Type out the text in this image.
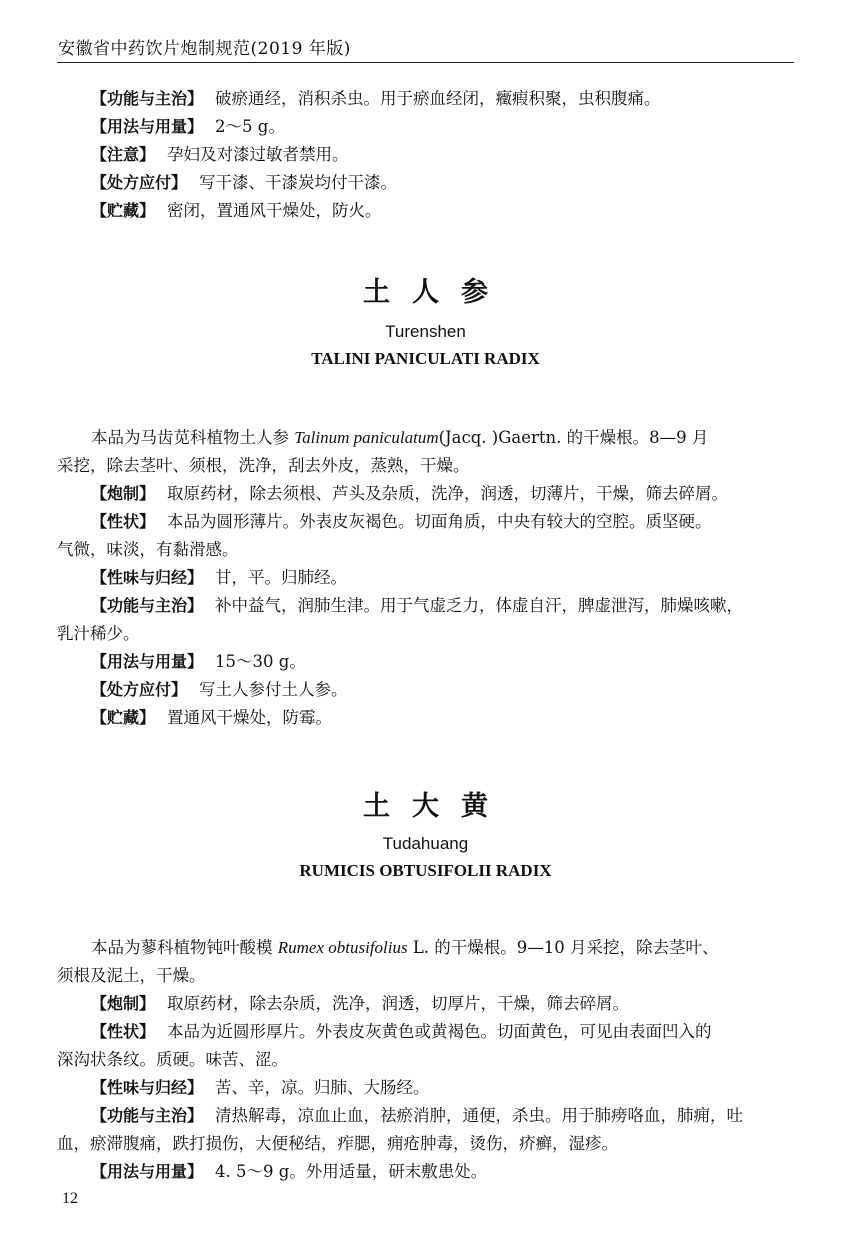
安徽省中药饮片炮制规范(2019 年版)

【功能与主治】 破瘀通经，消积杀虫。用于瘀血经闭，癥瘕积聚，虫积腹痛。

【用法与用量】 2～5 g。

【注意】 孕妇及对漆过敏者禁用。

【处方应付】 写干漆、干漆炭均付干漆。

【贮藏】 密闭，置通风干燥处，防火。

土人参
Turenshen
TALINI PANICULATI RADIX

本品为马齿苋科植物土人参 Talinum paniculatum(Jacq. )Gaertn. 的干燥根。8—9 月

采挖，除去茎叶、须根，洗净，刮去外皮，蒸熟，干燥。

【炮制】 取原药材，除去须根、芦头及杂质，洗净，润透，切薄片，干燥，筛去碎屑。

【性状】 本品为圆形薄片。外表皮灰褐色。切面角质，中央有较大的空腔。质坚硬。

气微，味淡，有黏滑感。

【性味与归经】 甘，平。归肺经。

【功能与主治】 补中益气，润肺生津。用于气虚乏力，体虚自汗，脾虚泄泻，肺燥咳嗽，

乳汁稀少。

【用法与用量】 15～30 g。

【处方应付】 写土人参付土人参。

【贮藏】 置通风干燥处，防霉。

土大黄
Tudahuang
RUMICIS OBTUSIFOLII RADIX

本品为蓼科植物钝叶酸模 Rumex obtusifolius L. 的干燥根。9—10 月采挖，除去茎叶、

须根及泥土，干燥。

【炮制】 取原药材，除去杂质，洗净，润透，切厚片，干燥，筛去碎屑。

【性状】 本品为近圆形厚片。外表皮灰黄色或黄褐色。切面黄色，可见由表面凹入的

深沟状条纹。质硬。味苦、涩。

【性味与归经】 苦、辛，凉。归肺、大肠经。

【功能与主治】 清热解毒，凉血止血，祛瘀消肿，通便，杀虫。用于肺痨咯血，肺痈，吐

血，瘀滞腹痛，跌打损伤，大便秘结，痄腮，痈疮肿毒，烫伤，疥癣，湿疹。

【用法与用量】 4. 5～9 g。外用适量，研末敷患处。

12
